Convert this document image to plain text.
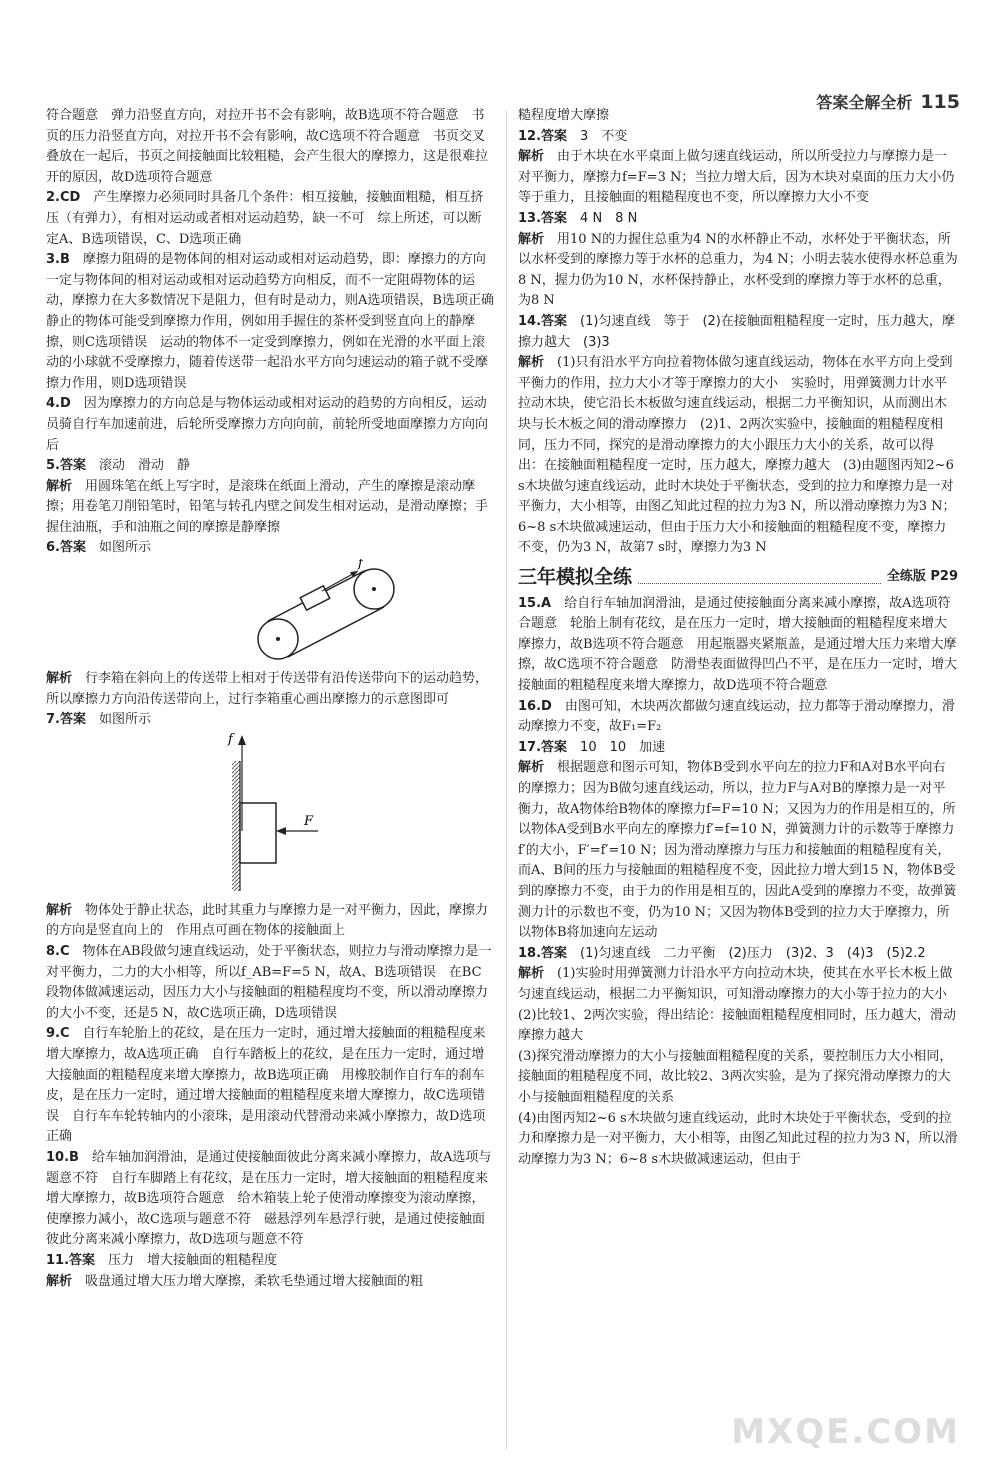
答案全解全析 115

符合题意　弹力沿竖直方向，对拉开书不会有影响，故B选项不符合题意　书页的压力沿竖直方向，对拉开书不会有影响，故C选项不符合题意　书页交叉叠放在一起后，书页之间接触面比较粗糙，会产生很大的摩擦力，这是很难拉开的原因，故D选项符合题意

2.CD　 产生摩擦力必须同时具备几个条件：相互接触，接触面粗糙，相互挤压（有弹力），有相对运动或者相对运动趋势，缺一不可　综上所述，可以断定A、B选项错误，C、D选项正确

3.B　 摩擦力阻碍的是物体间的相对运动或相对运动趋势，即：摩擦力的方向一定与物体间的相对运动或相对运动趋势方向相反，而不一定阻碍物体的运动，摩擦力在大多数情况下是阻力，但有时是动力，则A选项错误，B选项正确　静止的物体可能受到摩擦力作用，例如用手握住的茶杯受到竖直向上的静摩擦，则C选项错误　运动的物体不一定受到摩擦力，例如在光滑的水平面上滚动的小球就不受摩擦力，随着传送带一起沿水平方向匀速运动的箱子就不受摩擦力作用，则D选项错误

4.D　 因为摩擦力的方向总是与物体运动或相对运动的趋势的方向相反，运动员骑自行车加速前进，后轮所受摩擦力方向向前，前轮所受地面摩擦力方向向后

5.答案　 滚动　滑动　静

解析　 用圆珠笔在纸上写字时，是滚珠在纸面上滑动，产生的摩擦是滚动摩擦；用卷笔刀削铅笔时，铅笔与转孔内壁之间发生相对运动，是滑动摩擦；手握住油瓶，手和油瓶之间的摩擦是静摩擦

6.答案　 如图所示

f

解析　 行李箱在斜向上的传送带上相对于传送带有沿传送带向下的运动趋势，所以摩擦力方向沿传送带向上，过行李箱重心画出摩擦力的示意图即可

7.答案　 如图所示

f
F

解析　 物体处于静止状态，此时其重力与摩擦力是一对平衡力，因此，摩擦力的方向是竖直向上的　作用点可画在物体的接触面上

8.C　 物体在AB段做匀速直线运动，处于平衡状态，则拉力与滑动摩擦力是一对平衡力，二力的大小相等，所以f_AB=F=5 N，故A、B选项错误　在BC段物体做减速运动，因压力大小与接触面的粗糙程度均不变，所以滑动摩擦力的大小不变，还是5 N，故C选项正确，D选项错误

9.C　 自行车轮胎上的花纹，是在压力一定时，通过增大接触面的粗糙程度来增大摩擦力，故A选项正确　自行车踏板上的花纹，是在压力一定时，通过增大接触面的粗糙程度来增大摩擦力，故B选项正确　用橡胶制作自行车的刹车皮，是在压力一定时，通过增大接触面的粗糙程度来增大摩擦力，故C选项错误　自行车车轮转轴内的小滚珠，是用滚动代替滑动来减小摩擦力，故D选项正确

10.B　 给车轴加润滑油，是通过使接触面彼此分离来减小摩擦力，故A选项与题意不符　自行车脚踏上有花纹，是在压力一定时，增大接触面的粗糙程度来增大摩擦力，故B选项符合题意　给木箱装上轮子使滑动摩擦变为滚动摩擦，使摩擦力减小，故C选项与题意不符　磁悬浮列车悬浮行驶，是通过使接触面彼此分离来减小摩擦力，故D选项与题意不符

11.答案　 压力　增大接触面的粗糙程度

解析　 吸盘通过增大压力增大摩擦，柔软毛垫通过增大接触面的粗

糙程度增大摩擦

12.答案　 3　不变

解析　 由于木块在水平桌面上做匀速直线运动，所以所受拉力与摩擦力是一对平衡力，摩擦力f=F=3 N；当拉力增大后，因为木块对桌面的压力大小仍等于重力，且接触面的粗糙程度也不变，所以摩擦力大小不变

13.答案　 4 N　8 N

解析　 用10 N的力握住总重为4 N的水杯静止不动，水杯处于平衡状态，所以水杯受到的摩擦力等于水杯的总重力，为4 N；小明去装水使得水杯总重为8 N，握力仍为10 N，水杯保持静止，水杯受到的摩擦力等于水杯的总重，为8 N

14.答案　 (1)匀速直线　等于　(2)在接触面粗糙程度一定时，压力越大，摩擦力越大　(3)3

解析　 (1)只有沿水平方向拉着物体做匀速直线运动，物体在水平方向上受到平衡力的作用，拉力大小才等于摩擦力的大小　实验时，用弹簧测力计水平拉动木块，使它沿长木板做匀速直线运动，根据二力平衡知识，从而测出木块与长木板之间的滑动摩擦力　(2)1、2两次实验中，接触面的粗糙程度相同，压力不同，探究的是滑动摩擦力的大小跟压力大小的关系，故可以得出：在接触面粗糙程度一定时，压力越大，摩擦力越大　(3)由题图丙知2~6 s木块做匀速直线运动，此时木块处于平衡状态，受到的拉力和摩擦力是一对平衡力，大小相等，由图乙知此过程的拉力为3 N，所以滑动摩擦力为3 N；6~8 s木块做减速运动，但由于压力大小和接触面的粗糙程度不变，摩擦力不变，仍为3 N，故第7 s时，摩擦力为3 N

三年模拟全练	全练版 P29

15.A　 给自行车轴加润滑油，是通过使接触面分离来减小摩擦，故A选项符合题意　轮胎上制有花纹，是在压力一定时，增大接触面的粗糙程度来增大摩擦力，故B选项不符合题意　用起瓶器夹紧瓶盖，是通过增大压力来增大摩擦，故C选项不符合题意　防滑垫表面做得凹凸不平，是在压力一定时，增大接触面的粗糙程度来增大摩擦力，故D选项不符合题意

16.D　 由图可知，木块两次都做匀速直线运动，拉力都等于滑动摩擦力，滑动摩擦力不变，故F₁=F₂

17.答案　 10　10　加速

解析　 根据题意和图示可知，物体B受到水平向左的拉力F和A对B水平向右的摩擦力；因为B做匀速直线运动，所以，拉力F与A对B的摩擦力是一对平衡力，故A物体给B物体的摩擦力f=F=10 N；又因为力的作用是相互的，所以物体A受到B水平向左的摩擦力f′=f=10 N，弹簧测力计的示数等于摩擦力f′的大小，F′=f′=10 N；因为滑动摩擦力与压力和接触面的粗糙程度有关，而A、B间的压力与接触面的粗糙程度不变，因此拉力增大到15 N，物体B受到的摩擦力不变，由于力的作用是相互的，因此A受到的摩擦力不变，故弹簧测力计的示数也不变，仍为10 N；又因为物体B受到的拉力大于摩擦力，所以物体B将加速向左运动

18.答案　 (1)匀速直线　二力平衡　(2)压力　(3)2、3　(4)3　(5)2.2

解析　 (1)实验时用弹簧测力计沿水平方向拉动木块，使其在水平长木板上做匀速直线运动，根据二力平衡知识，可知滑动摩擦力的大小等于拉力的大小

(2)比较1、2两次实验，得出结论：接触面粗糙程度相同时，压力越大，滑动摩擦力越大

(3)探究滑动摩擦力的大小与接触面粗糙程度的关系，要控制压力大小相同，接触面的粗糙程度不同，故比较2、3两次实验，是为了探究滑动摩擦力的大小与接触面粗糙程度的关系

(4)由图丙知2~6 s木块做匀速直线运动，此时木块处于平衡状态，受到的拉力和摩擦力是一对平衡力，大小相等，由图乙知此过程的拉力为3 N，所以滑动摩擦力为3 N；6~8 s木块做减速运动，但由于

MXQE.COM
